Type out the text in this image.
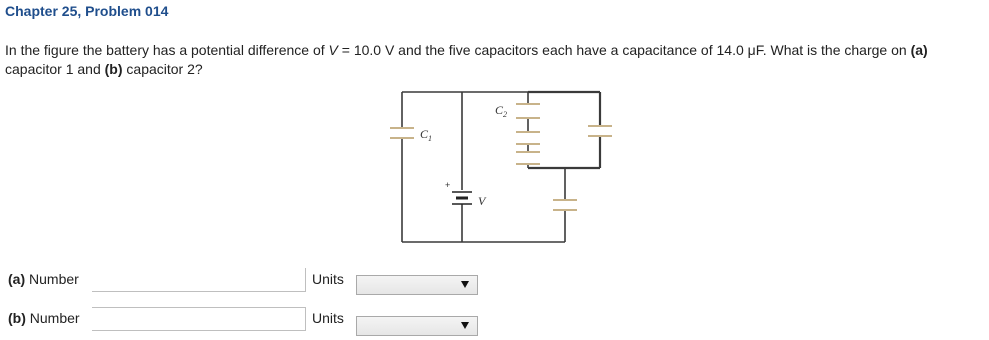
Chapter 25, Problem 014
In the figure the battery has a potential difference of V = 10.0 V and the five capacitors each have a capacitance of 14.0 μF. What is the charge on (a) capacitor 1 and (b) capacitor 2?
$C_1$
$C_2$
V
+
(a) Number	Units
(b) Number	Units
